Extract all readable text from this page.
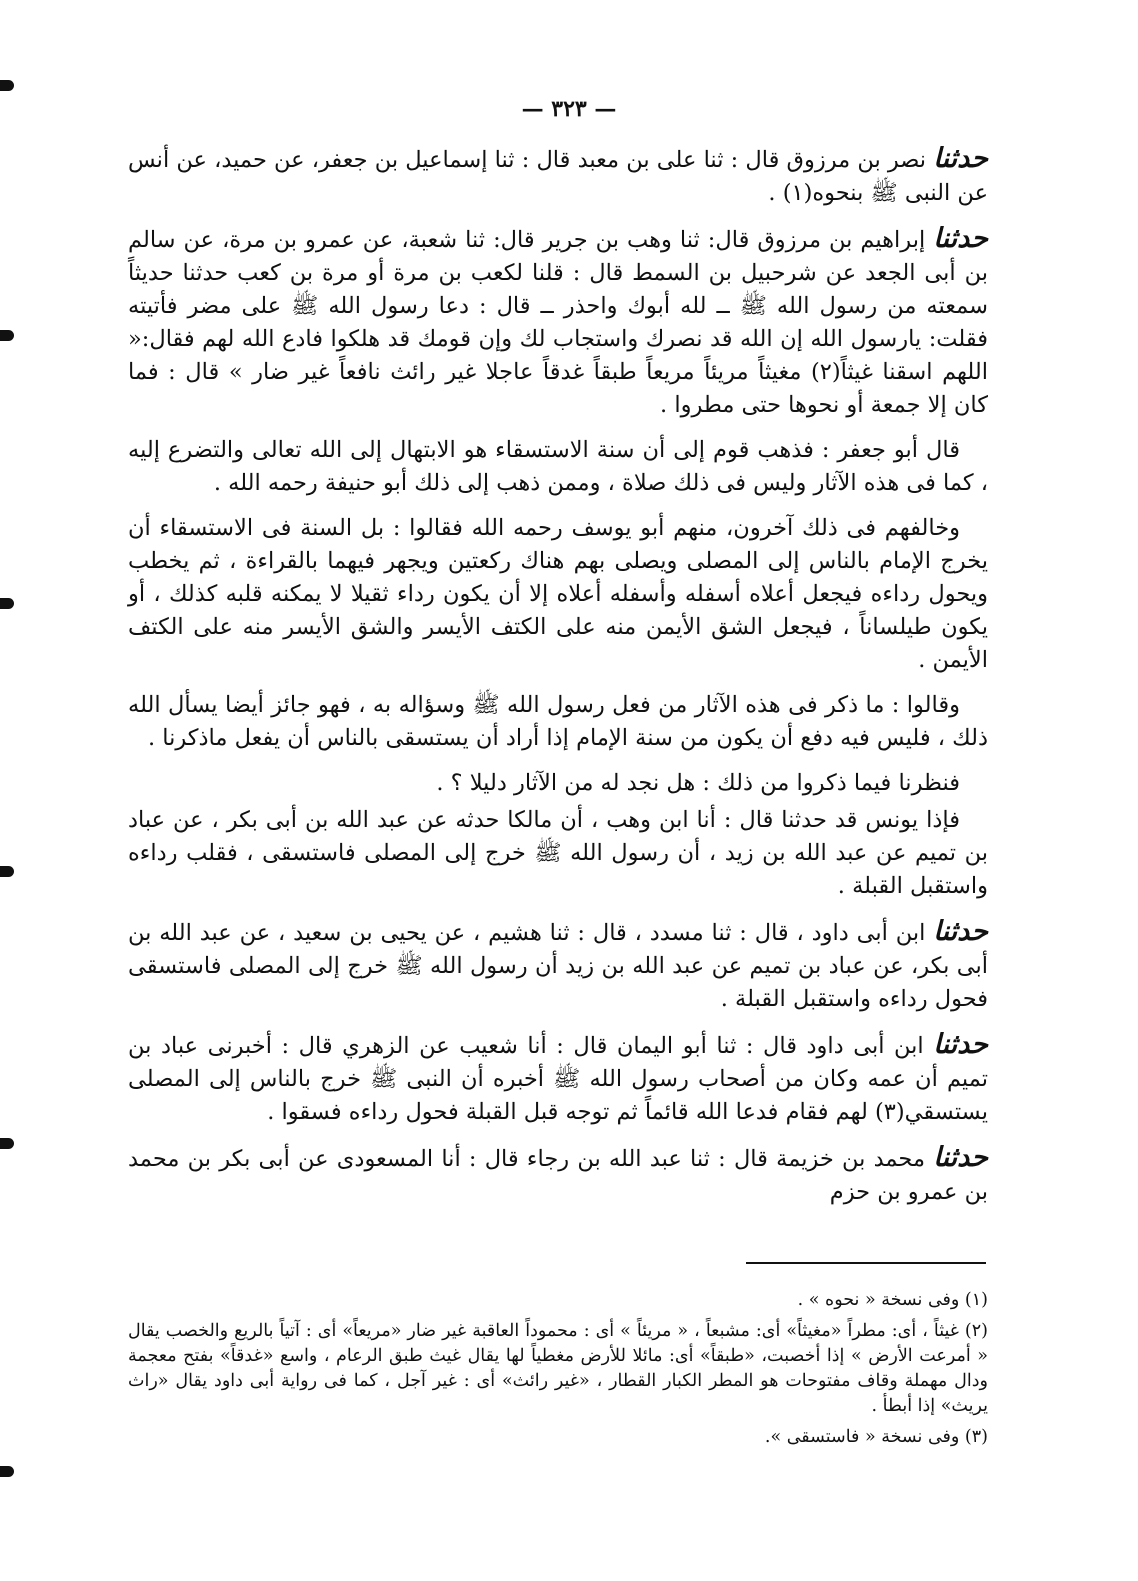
— ٣٢٣ —

حدثنا نصر بن مرزوق قال : ثنا على بن معبد قال : ثنا إسماعيل بن جعفر، عن حميد، عن أنس عن النبى ﷺ بنحوه(١) .

حدثنا إبراهيم بن مرزوق قال: ثنا وهب بن جرير قال: ثنا شعبة، عن عمرو بن مرة، عن سالم بن أبى الجعد عن شرحبيل بن السمط قال : قلنا لكعب بن مرة أو مرة بن كعب حدثنا حديثاً سمعته من رسول الله ﷺ ــ لله أبوك واحذر ــ قال : دعا رسول الله ﷺ على مضر فأتيته فقلت: يارسول الله إن الله قد نصرك واستجاب لك وإن قومك قد هلكوا فادع الله لهم فقال:« اللهم اسقنا غيثاً(٢) مغيثاً مريئاً مريعاً طبقاً غدقاً عاجلا غير رائث نافعاً غير ضار » قال : فما كان إلا جمعة أو نحوها حتى مطروا .

قال أبو جعفر : فذهب قوم إلى أن سنة الاستسقاء هو الابتهال إلى الله تعالى والتضرع إليه ، كما فى هذه الآثار وليس فى ذلك صلاة ، وممن ذهب إلى ذلك أبو حنيفة رحمه الله .

وخالفهم فى ذلك آخرون، منهم أبو يوسف رحمه الله فقالوا : بل السنة فى الاستسقاء أن يخرج الإمام بالناس إلى المصلى ويصلى بهم هناك ركعتين ويجهر فيهما بالقراءة ، ثم يخطب ويحول رداءه فيجعل أعلاه أسفله وأسفله أعلاه إلا أن يكون رداء ثقيلا لا يمكنه قلبه كذلك ، أو يكون طيلساناً ، فيجعل الشق الأيمن منه على الكتف الأيسر والشق الأيسر منه على الكتف الأيمن .

وقالوا : ما ذكر فى هذه الآثار من فعل رسول الله ﷺ وسؤاله به ، فهو جائز أيضا يسأل الله ذلك ، فليس فيه دفع أن يكون من سنة الإمام إذا أراد أن يستسقى بالناس أن يفعل ماذكرنا .

فنظرنا فيما ذكروا من ذلك : هل نجد له من الآثار دليلا ؟ .

فإذا يونس قد حدثنا قال : أنا ابن وهب ، أن مالكا حدثه عن عبد الله بن أبى بكر ، عن عباد بن تميم عن عبد الله بن زيد ، أن رسول الله ﷺ خرج إلى المصلى فاستسقى ، فقلب رداءه واستقبل القبلة .

حدثنا ابن أبى داود ، قال : ثنا مسدد ، قال : ثنا هشيم ، عن يحيى بن سعيد ، عن عبد الله بن أبى بكر، عن عباد بن تميم عن عبد الله بن زيد أن رسول الله ﷺ خرج إلى المصلى فاستسقى فحول رداءه واستقبل القبلة .

حدثنا ابن أبى داود قال : ثنا أبو اليمان قال : أنا شعيب عن الزهري قال : أخبرنى عباد بن تميم أن عمه وكان من أصحاب رسول الله ﷺ أخبره أن النبى ﷺ خرج بالناس إلى المصلى يستسقي(٣) لهم فقام فدعا الله قائماً ثم توجه قبل القبلة فحول رداءه فسقوا .

حدثنا محمد بن خزيمة قال : ثنا عبد الله بن رجاء قال : أنا المسعودى عن أبى بكر بن محمد بن عمرو بن حزم

(١) وفى نسخة « نحوه » .

(٢) غيثاً ، أى: مطراً «مغيثاً» أى: مشبعاً ، « مريئاً » أى : محموداً العاقبة غير ضار «مريعاً» أى : آتياً بالريع والخصب يقال « أمرعت الأرض » إذا أخصبت، «طبقاً» أى: مائلا للأرض مغطياً لها يقال غيث طبق الرعام ، واسع «غدقاً» بفتح معجمة ودال مهملة وقاف مفتوحات هو المطر الكبار القطار ، «غير رائث» أى : غير آجل ، كما فى رواية أبى داود يقال «راث يريث» إذا أبطأ .

(٣) وفى نسخة « فاستسقى ».
